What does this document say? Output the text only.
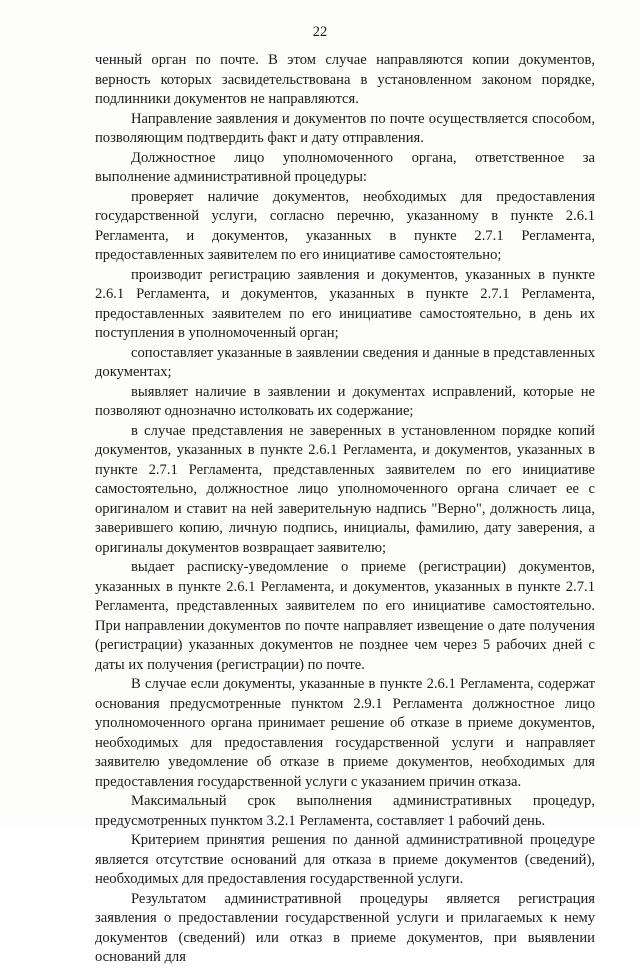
22

ченный орган по почте. В этом случае направляются копии документов, верность которых засвидетельствована в установленном законом порядке, подлинники документов не направляются.

Направление заявления и документов по почте осуществляется способом, позволяющим подтвердить факт и дату отправления.

Должностное лицо уполномоченного органа, ответственное за выполнение административной процедуры:

проверяет наличие документов, необходимых для предоставления государственной услуги, согласно перечню, указанному в пункте 2.6.1 Регламента, и документов, указанных в пункте 2.7.1 Регламента, предоставленных заявителем по его инициативе самостоятельно;

производит регистрацию заявления и документов, указанных в пункте 2.6.1 Регламента, и документов, указанных в пункте 2.7.1 Регламента, предоставленных заявителем по его инициативе самостоятельно, в день их поступления в уполномоченный орган;

сопоставляет указанные в заявлении сведения и данные в представленных документах;

выявляет наличие в заявлении и документах исправлений, которые не позволяют однозначно истолковать их содержание;

в случае представления не заверенных в установленном порядке копий документов, указанных в пункте 2.6.1 Регламента, и документов, указанных в пункте 2.7.1 Регламента, представленных заявителем по его инициативе самостоятельно, должностное лицо уполномоченного органа сличает ее с оригиналом и ставит на ней заверительную надпись "Верно", должность лица, заверившего копию, личную подпись, инициалы, фамилию, дату заверения, а оригиналы документов возвращает заявителю;

выдает расписку-уведомление о приеме (регистрации) документов, указанных в пункте 2.6.1 Регламента, и документов, указанных в пункте 2.7.1 Регламента, представленных заявителем по его инициативе самостоятельно. При направлении документов по почте направляет извещение о дате получения (регистрации) указанных документов не позднее чем через 5 рабочих дней с даты их получения (регистрации) по почте.

В случае если документы, указанные в пункте 2.6.1 Регламента, содержат основания предусмотренные пунктом 2.9.1 Регламента должностное лицо уполномоченного органа принимает решение об отказе в приеме документов, необходимых для предоставления государственной услуги и направляет заявителю уведомление об отказе в приеме документов, необходимых для предоставления государственной услуги с указанием причин отказа.

Максимальный срок выполнения административных процедур, предусмотренных пунктом 3.2.1 Регламента, составляет 1 рабочий день.

Критерием принятия решения по данной административной процедуре является отсутствие оснований для отказа в приеме документов (сведений), необходимых для предоставления государственной услуги.

Результатом административной процедуры является регистрация заявления о предоставлении государственной услуги и прилагаемых к нему документов (сведений) или отказ в приеме документов, при выявлении оснований для
